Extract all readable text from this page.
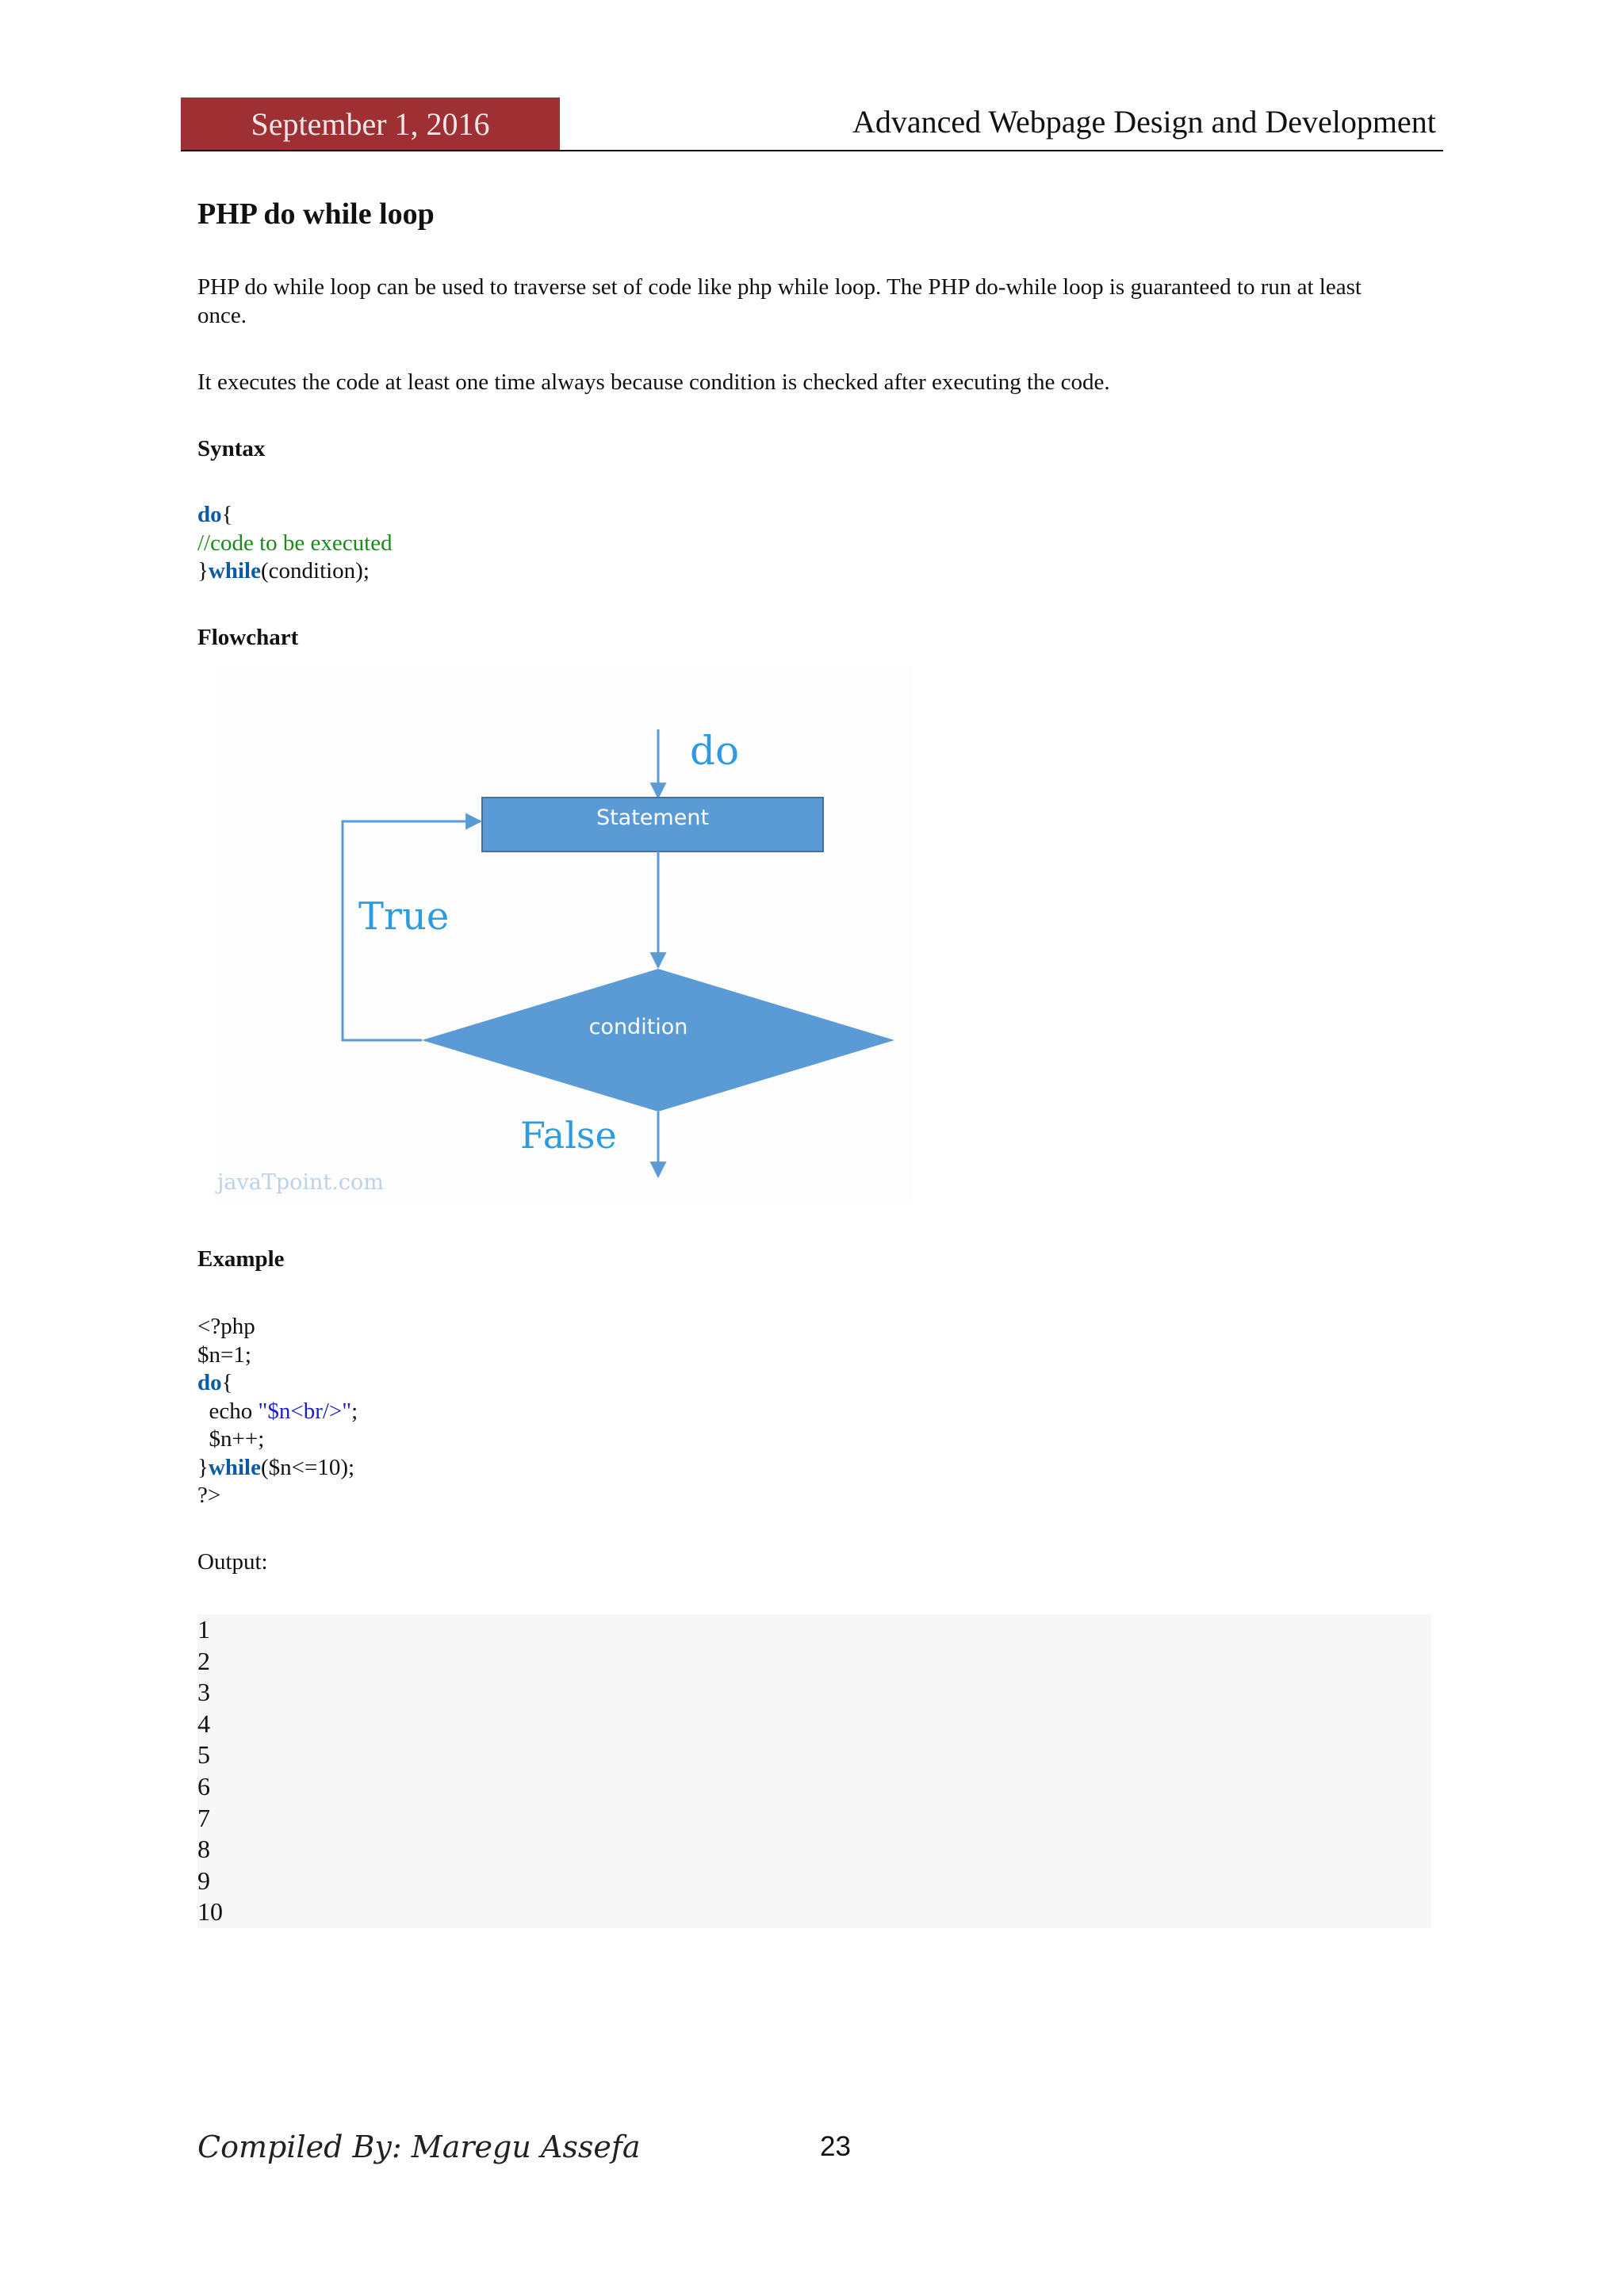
September 1, 2016	Advanced Webpage Design and Development
PHP do while loop
PHP do while loop can be used to traverse set of code like php while loop. The PHP do-while loop is guaranteed to run at least once.
It executes the code at least one time always because condition is checked after executing the code.
Syntax
do{
//code to be executed
}while(condition);
Flowchart
do
Statement
True
condition
False
javaTpoint.com
Example
<?php
$n=1;
do{
echo "$n<br/>";
$n++;
}while($n<=10);
?>
Output:
1
2
3
4
5
6
7
8
9
10
Compiled By: Maregu Assefa	23
